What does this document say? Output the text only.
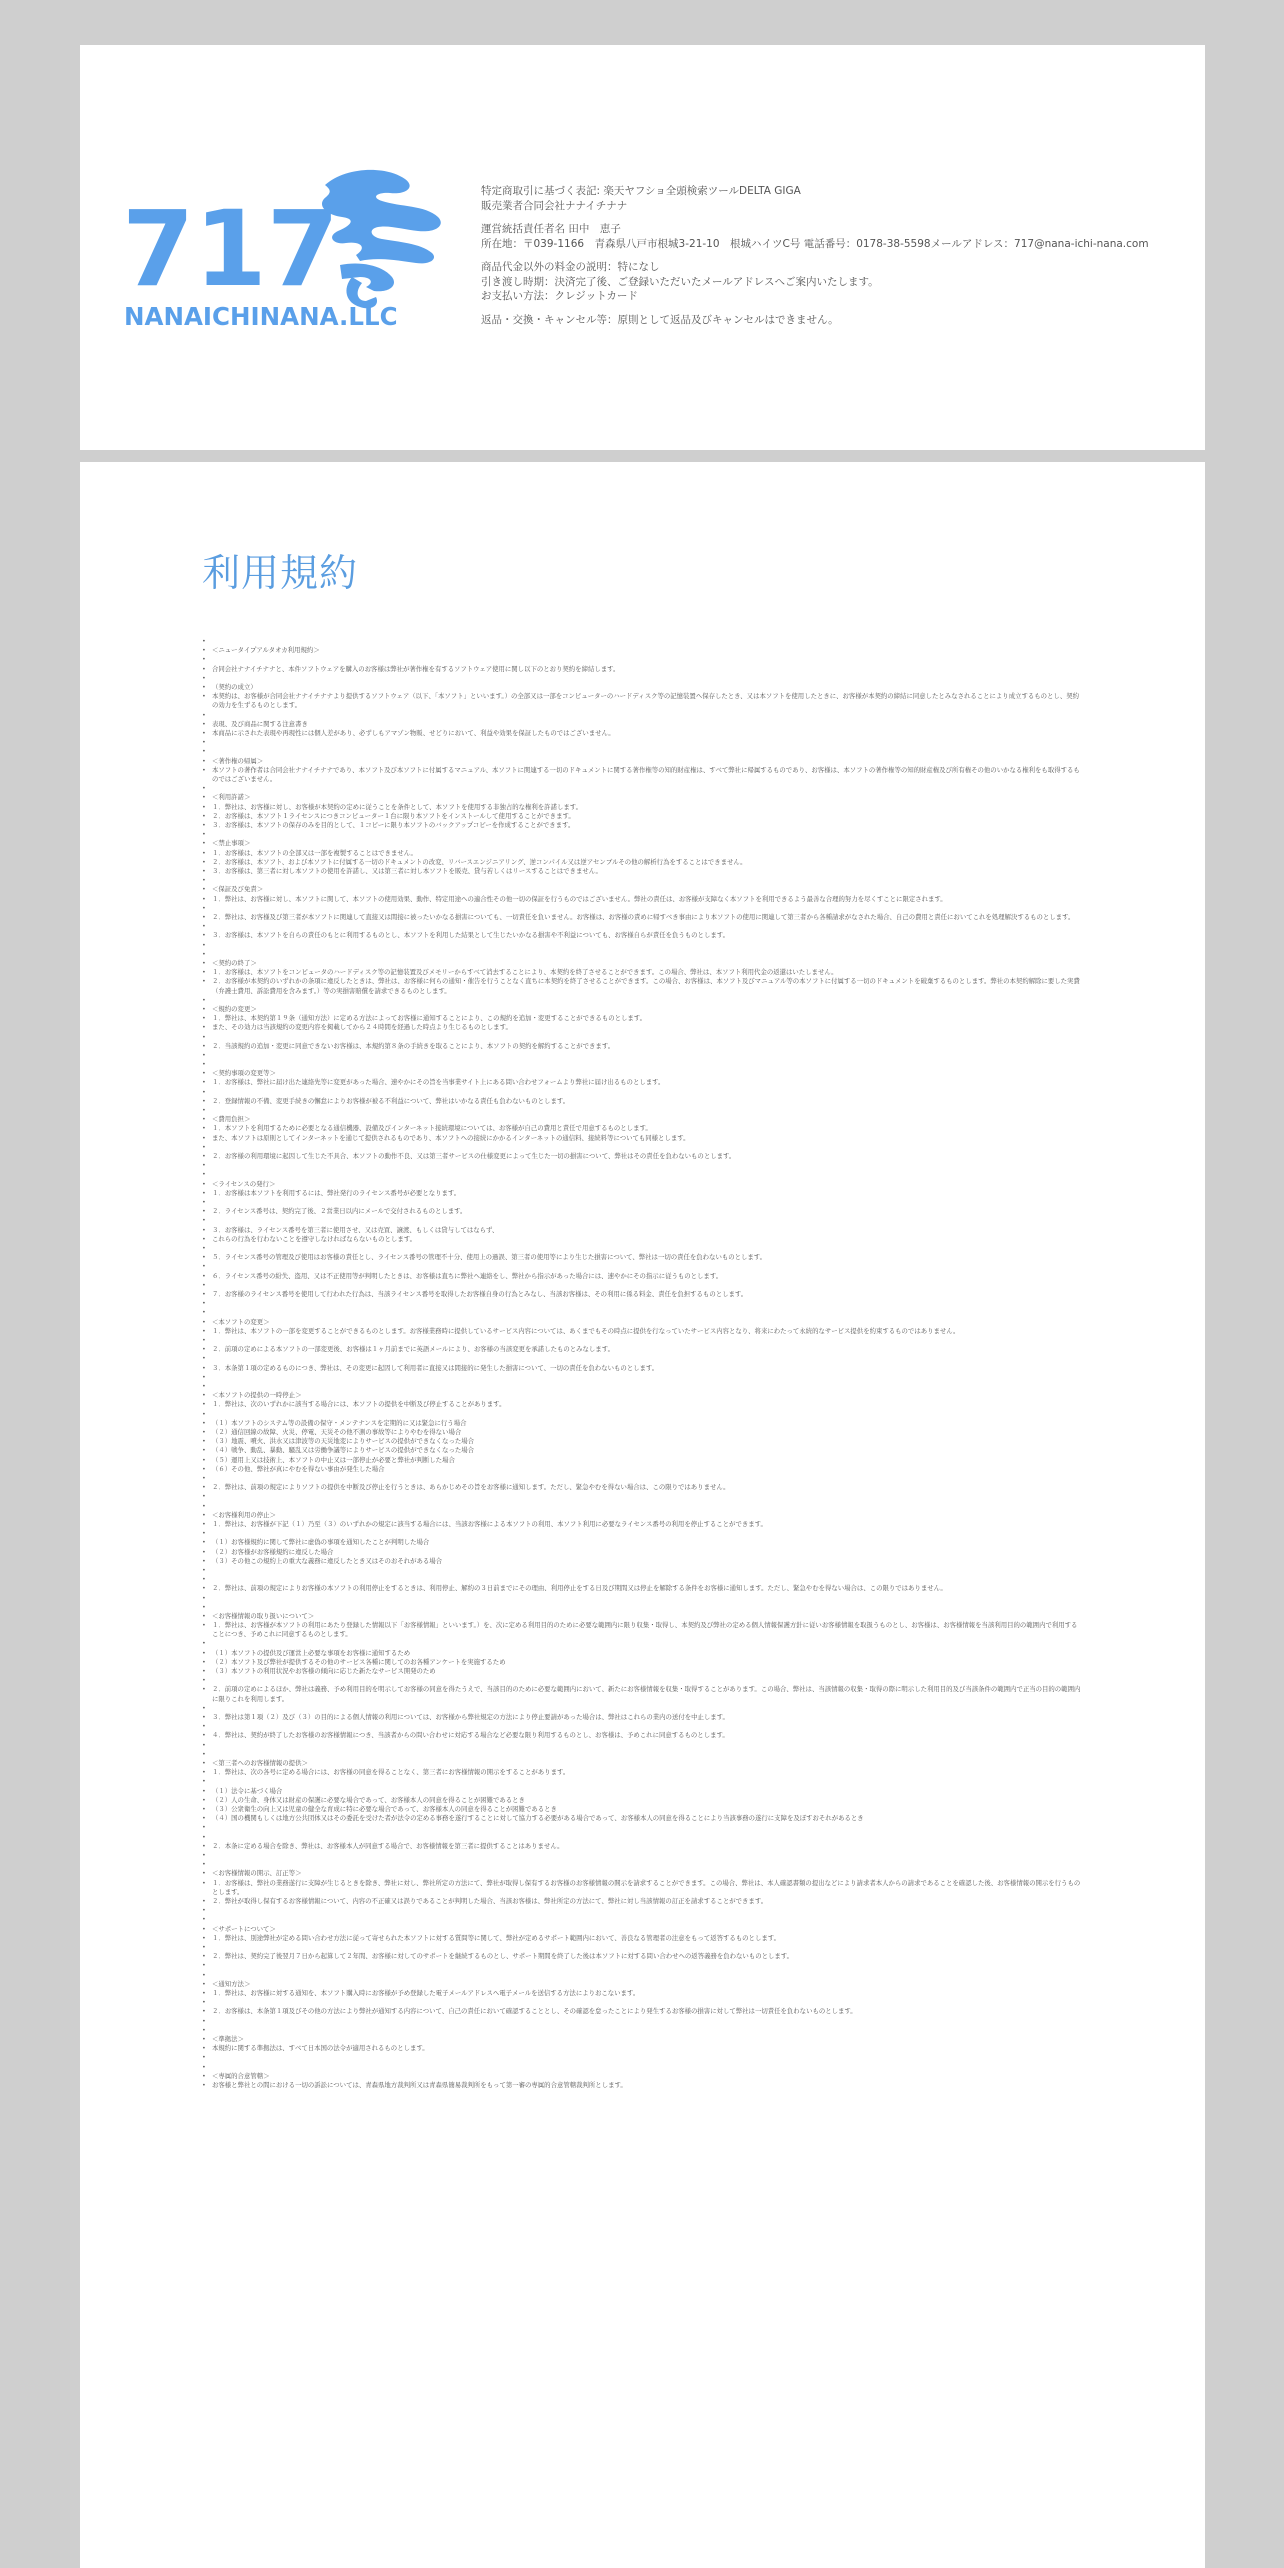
717
NANAICHINANA.LLC

特定商取引に基づく表記: 楽天ヤフショ全頭検索ツールDELTA GIGA

販売業者合同会社ナナイチナナ

運営統括責任者名 田中　恵子

所在地：〒039-1166　青森県八戸市根城3-21-10　根城ハイツC号 電話番号：0178-38-5598メールアドレス：717@nana-ichi-nana.com

商品代金以外の料金の説明：特になし

引き渡し時期：決済完了後、ご登録いただいたメールアドレスへご案内いたします。

お支払い方法：クレジットカード

返品・交換・キャンセル等：原則として返品及びキャンセルはできません。

利用規約
•
• ＜ニュータイプアルタオカ利用規約＞
•
• 合同会社ナナイチナナと、本件ソフトウェアを購入のお客様は弊社が著作権を有するソフトウェア使用に関し以下のとおり契約を締結します。
•
• （契約の成立）
• 本契約は、お客様が合同会社ナナイチナナより提供するソフトウェア（以下、「本ソフト」といいます。）の全部又は一部をコンピューターのハードディスク等の記憶装置へ保存したとき、又は本ソフトを使用したときに、お客様が本契約の締結に同意したとみなされることにより成立するものとし、契約の効力を生ずるものとします。
•
• 表現、及び商品に関する注意書き
• 本商品に示された表現や再現性には個人差があり、必ずしもアマゾン物販、せどりにおいて、利益や効果を保証したものではございません。
•
•
• ＜著作権の帰属＞
• 本ソフトの著作者は合同会社ナナイチナナであり、本ソフト及び本ソフトに付属するマニュアル、本ソフトに関連する一切のドキュメントに関する著作権等の知的財産権は、すべて弊社に帰属するものであり、お客様は、本ソフトの著作権等の知的財産権及び所有権その他のいかなる権利をも取得するものではございません。
•
• ＜利用許諾＞
• １．弊社は、お客様に対し、お客様が本契約の定めに従うことを条件として、本ソフトを使用する非独占的な権利を許諾します。
• ２．お客様は、本ソフト１ライセンスにつきコンピューター１台に限り本ソフトをインストールして使用することができます。
• ３．お客様は、本ソフトの保存のみを目的として、１コピーに限り本ソフトのバックアップコピーを作成することができます。
•
• ＜禁止事項＞
• １．お客様は、本ソフトの全部又は一部を複製することはできません。
• ２．お客様は、本ソフト、および本ソフトに付属する一切のドキュメントの改変、リバースエンジニアリング、逆コンパイル又は逆アセンブルその他の解析行為をすることはできません。
• ３．お客様は、第三者に対し本ソフトの使用を許諾し、又は第三者に対し本ソフトを販売、貸与若しくはリースすることはできません。
•
• ＜保証及び免責＞
• １．弊社は、お客様に対し、本ソフトに関して、本ソフトの使用効果、動作、特定用途への適合性その他一切の保証を行うものではございません。弊社の責任は、お客様が支障なく本ソフトを利用できるよう最善な合理的努力を尽くすことに限定されます。
•
• ２．弊社は、お客様及び第三者が本ソフトに関連して直接又は間接に被ったいかなる損害についても、一切責任を負いません。お客様は、お客様の責めに帰すべき事由により本ソフトの使用に関連して第三者から各種請求がなされた場合、自己の費用と責任においてこれを処理解決するものとします。
•
• ３．お客様は、本ソフトを自らの責任のもとに利用するものとし、本ソフトを利用した結果として生じたいかなる損害や不利益についても、お客様自らが責任を負うものとします。
•
•
• ＜契約の終了＞
• １．お客様は、本ソフトをコンピュータのハードディスク等の記憶装置及びメモリーからすべて消去することにより、本契約を終了させることができます。この場合、弊社は、本ソフト利用代金の返還はいたしません。
• ２．お客様が本契約のいずれかの条項に違反したときは、弊社は、お客様に何らの通知・催告を行うことなく直ちに本契約を終了させることができます。この場合、お客様は、本ソフト及びマニュアル等の本ソフトに付属する一切のドキュメントを破棄するものとします。弊社の本契約解除に要した実費（弁護士費用、訴訟費用を含みます。）等の実損害賠償を請求できるものとします。
•
• ＜規約の変更＞
• １．弊社は、本契約第１９条（通知方法）に定める方法によってお客様に通知することにより、この規約を追加・変更することができるものとします。
• また、その効力は当該規約の変更内容を掲載してから２４時間を経過した時点より生じるものとします。
•
• ２．当該規約の追加・変更に同意できないお客様は、本規約第８条の手続きを取ることにより、本ソフトの契約を解約することができます。
•
•
• ＜契約事項の変更等＞
• １．お客様は、弊社に届け出た連絡先等に変更があった場合、速やかにその旨を当事業サイト上にある問い合わせフォームより弊社に届け出るものとします。
•
• ２．登録情報の不備、変更手続きの懈怠によりお客様が被る不利益について、弊社はいかなる責任も負わないものとします。
•
• ＜費用負担＞
• １．本ソフトを利用するために必要となる通信機器、設備及びインターネット接続環境については、お客様が自己の費用と責任で用意するものとします。
• また、本ソフトは原則としてインターネットを通じて提供されるものであり、本ソフトへの接続にかかるインターネットの通信料、接続料等についても同様とします。
•
• ２．お客様の利用環境に起因して生じた不具合、本ソフトの動作不良、又は第三者サービスの仕様変更によって生じた一切の損害について、弊社はその責任を負わないものとします。
•
•
• ＜ライセンスの発行＞
• １．お客様は本ソフトを利用するには、弊社発行のライセンス番号が必要となります。
•
• ２．ライセンス番号は、契約完了後、２営業日以内にメールで交付されるものとします。
•
• ３．お客様は、ライセンス番号を第三者に使用させ、又は売買、譲渡、もしくは貸与してはならず、
• これらの行為を行わないことを遵守しなければならないものとします。
•
• ５．ライセンス番号の管理及び使用はお客様の責任とし、ライセンス番号の管理不十分、使用上の過誤、第三者の使用等により生じた損害について、弊社は一切の責任を負わないものとします。
•
• ６．ライセンス番号の紛失、盗用、又は不正使用等が判明したときは、お客様は直ちに弊社へ連絡をし、弊社から指示があった場合には、速やかにその指示に従うものとします。
•
• ７．お客様のライセンス番号を使用して行われた行為は、当該ライセンス番号を取得したお客様自身の行為とみなし、当該お客様は、その利用に係る料金、責任を負担するものとします。
•
•
• ＜本ソフトの変更＞
• １．弊社は、本ソフトの一部を変更することができるものとします。お客様業務時に提供しているサービス内容については、あくまでもその時点に提供を行なっていたサービス内容となり、将来にわたって永続的なサービス提供を約束するものではありません。
•
• ２．前項の定めによる本ソフトの一部変更後、お客様は１ヶ月前までに英語メールにより、お客様の当該変更を承諾したものとみなします。
•
• ３．本条第１項の定めるものにつき、弊社は、その変更に起因して利用者に直接又は間接的に発生した損害について、一切の責任を負わないものとします。
•
•
• ＜本ソフトの提供の一時停止＞
• １．弊社は、次のいずれかに該当する場合には、本ソフトの提供を中断及び停止することがあります。
•
• （１）本ソフトのシステム等の設備の保守・メンテナンスを定期的に又は緊急に行う場合
• （２）通信回線の故障、火災、停電、天災その他不測の事故等によりやむを得ない場合
• （３）地震、噴火、洪水又は津波等の天災地変によりサービスの提供ができなくなった場合
• （４）戦争、動乱、暴動、騒乱又は労働争議等によりサービスの提供ができなくなった場合
• （５）運用上又は技術上、本ソフトの中止又は一部停止が必要と弊社が判断した場合
• （６）その他、弊社が真にやむを得ない事由が発生した場合
•
• ２．弊社は、前項の規定によりソフトの提供を中断及び停止を行うときは、あらかじめその旨をお客様に通知します。ただし、緊急やむを得ない場合は、この限りではありません。
•
•
• ＜お客様利用の停止＞
• １．弊社は、お客様が下記（１）乃至（３）のいずれかの規定に該当する場合には、当該お客様による本ソフトの利用、本ソフト利用に必要なライセンス番号の利用を停止することができます。
•
• （１）お客様規約に関して弊社に虚偽の事項を通知したことが判明した場合
• （２）お客様がお客様規約に違反した場合
• （３）その他この規約上の重大な義務に違反したとき又はそのおそれがある場合
•
•
• ２．弊社は、前項の規定によりお客様の本ソフトの利用停止をするときは、利用停止、解約の３日前までにその理由、利用停止をする日及び期間又は停止を解除する条件をお客様に通知します。ただし、緊急やむを得ない場合は、この限りではありません。
•
•
• ＜お客様情報の取り扱いについて＞
• １．弊社は、お客様が本ソフトの利用にあたり登録した情報以下「お客様情報」といいます。）を、次に定める利用目的のために必要な範囲内に限り収集・取得し、本契約及び弊社の定める個人情報保護方針に従いお客様情報を取扱うものとし、お客様は、お客様情報を当該利用目的の範囲内で利用することにつき、予めこれに同意するものとします。
•
• （１）本ソフトの提供及び運営上必要な事項をお客様に通知するため
• （２）本ソフト及び弊社が提供するその他のサービス各種に関してのお各種アンケートを実施するため
• （３）本ソフトの利用状況やお客様の傾向に応じた新たなサービス開発のため
•
• ２．前項の定めによるほか、弊社は義務、予め利用目的を明示してお客様の同意を得たうえで、当該目的のために必要な範囲内において、新たにお客様情報を収集・取得することがあります。この場合、弊社は、当該情報の収集・取得の際に明示した利用目的及び当該条件の範囲内で正当の目的の範囲内に限りこれを利用します。
•
• ３．弊社は第１項（２）及び（３）の目的による個人情報の利用については、お客様から弊社規定の方法により停止要請があった場合は、弊社はこれらの業内の送付を中止します。
•
• ４．弊社は、契約が終了したお客様のお客様情報につき、当該者からの問い合わせに対応する場合など必要な限り利用するものとし、お客様は、予めこれに同意するものとします。
•
•
• ＜第三者へのお客様情報の提供＞
• １．弊社は、次の各号に定める場合には、お客様の同意を得ることなく、第三者にお客様情報の開示をすることがあります。
•
• （１）法令に基づく場合
• （２）人の生命、身体又は財産の保護に必要な場合であって、お客様本人の同意を得ることが困難であるとき
• （３）公衆衛生の向上又は児童の健全な育成に特に必要な場合であって、お客様本人の同意を得ることが困難であるとき
• （４）国の機関もしくは地方公共団体又はその委託を受けた者が法令の定める事務を遂行することに対して協力する必要がある場合であって、お客様本人の同意を得ることにより当該事務の遂行に支障を及ぼすおそれがあるとき
•
•
• ２．本条に定める場合を除き、弊社は、お客様本人が同意する場合で、お客様情報を第三者に提供することはありません。
•
•
• ＜お客様情報の開示、訂正等＞
• １．お客様は、弊社の業務遂行に支障が生じるときを除き、弊社に対し、弊社所定の方法にて、弊社が取得し保有するお客様のお客様情報の開示を請求することができます。この場合、弊社は、本人確認書類の提出などにより請求者本人からの請求であることを確認した後、お客様情報の開示を行うものとします。
• ２．弊社が取得し保有するお客様情報について、内容の不正確又は誤りであることが判明した場合、当該お客様は、弊社所定の方法にて、弊社に対し当該情報の訂正を請求することができます。
•
•
• ＜サポートについて＞
• １．弊社は、別途弊社が定める問い合わせ方法に従って寄せられた本ソフトに対する質問等に関して、弊社が定めるサポート範囲内において、善良なる管理者の注意をもって返答するものとします。
•
• ２．弊社は、契約完了後翌月７日から起算して２年間、お客様に対してのサポートを継続するものとし、サポート期間を終了した後は本ソフトに対する問い合わせへの返答義務を負わないものとします。
•
•
• ＜通知方法＞
• １．弊社は、お客様に対する通知を、本ソフト購入時にお客様が予め登録した電子メールアドレスへ電子メールを送信する方法によりおこないます。
•
• ２．お客様は、本条第１項及びその他の方法により弊社が通知する内容について、自己の責任において確認することとし、その確認を怠ったことにより発生するお客様の損害に対して弊社は一切責任を負わないものとします。
•
•
• ＜準拠法＞
• 本規約に関する準拠法は、すべて日本国の法令が適用されるものとします。
•
•
• ＜専属的合意管轄＞
• お客様と弊社との間における一切の訴訟については、青森県地方裁判所又は青森県簡易裁判所をもって第一審の専属的合意管轄裁判所とします。
